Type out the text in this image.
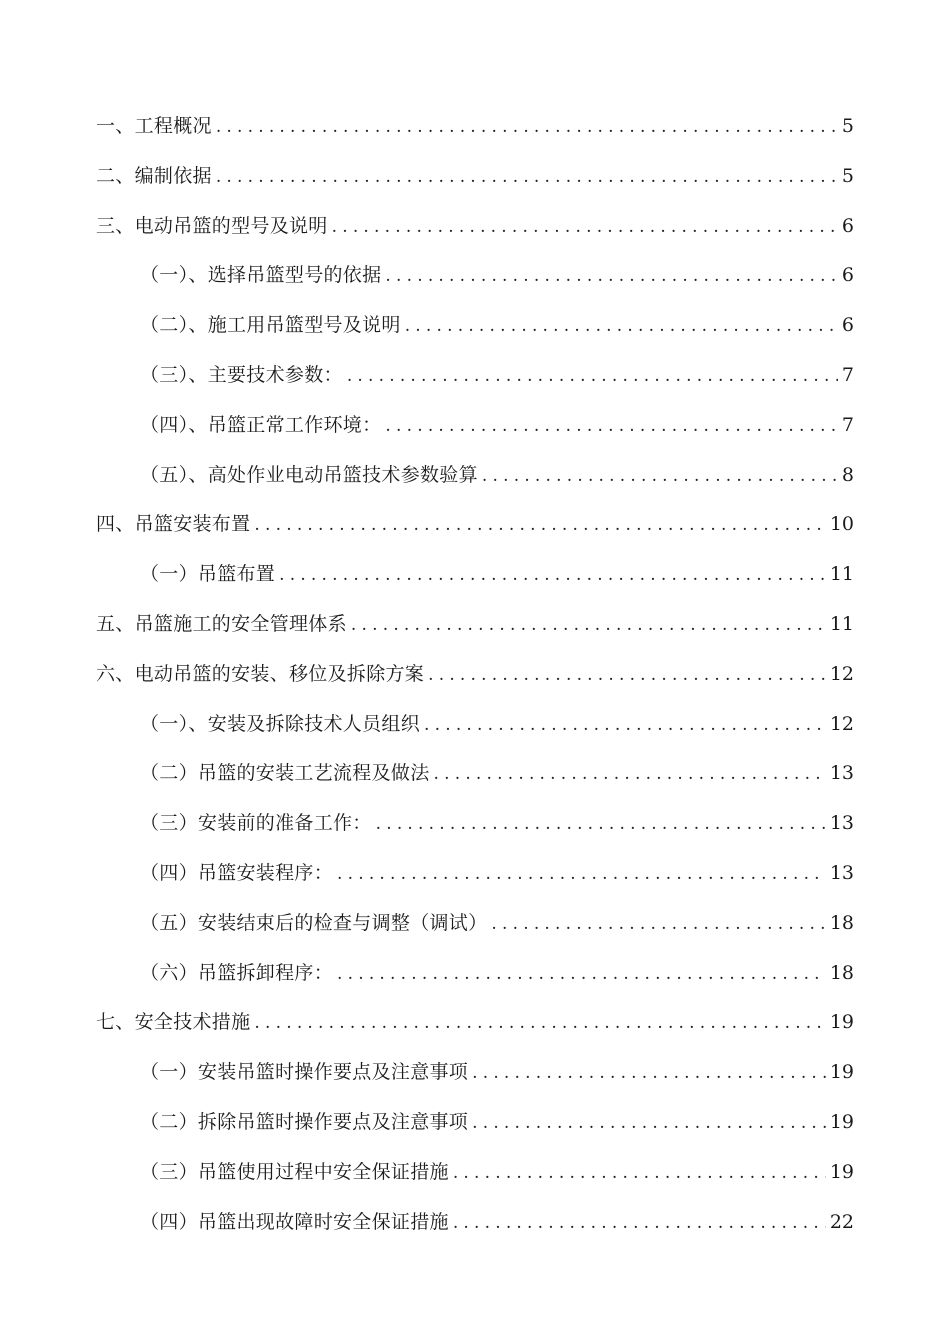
一、工程概况 .....	5
二、编制依据 .....	5
三、电动吊篮的型号及说明 .....	6
（一）、选择吊篮型号的依据 .....	6
（二）、施工用吊篮型号及说明 .....	6
（三）、主要技术参数： .....	7
（四）、吊篮正常工作环境： .....	7
（五）、高处作业电动吊篮技术参数验算 .....	8
四、吊篮安装布置 .....	10
（一）吊篮布置 .....	11
五、吊篮施工的安全管理体系 .....	11
六、电动吊篮的安装、移位及拆除方案 .....	12
（一）、安装及拆除技术人员组织 .....	12
（二）吊篮的安装工艺流程及做法 .....	13
（三）安装前的准备工作： .....	13
（四）吊篮安装程序： .....	13
（五）安装结束后的检查与调整（调试） .....	18
（六）吊篮拆卸程序： .....	18
七、安全技术措施 .....	19
（一）安装吊篮时操作要点及注意事项 .....	19
（二）拆除吊篮时操作要点及注意事项 .....	19
（三）吊篮使用过程中安全保证措施 .....	19
（四）吊篮出现故障时安全保证措施 .....	22
